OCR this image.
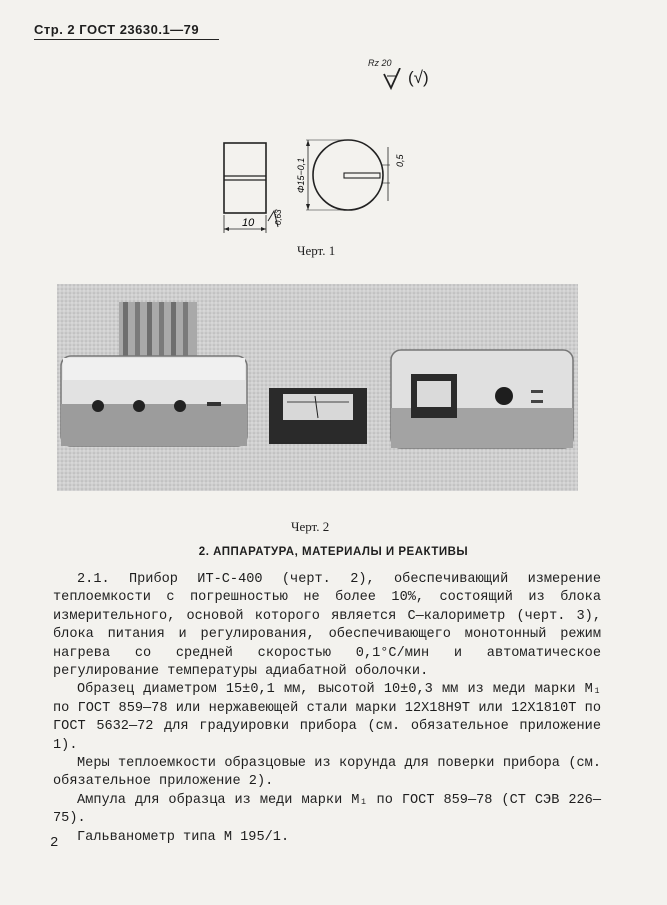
Стр. 2 ГОСТ 23630.1—79
Rz 20
(√)
10 0,63
Φ15−0,1	0,5
Черт. 1
Черт. 2
2. АППАРАТУРА, МАТЕРИАЛЫ И РЕАКТИВЫ

2.1. Прибор ИТ-С-400 (черт. 2), обеспечивающий измерение теплоемкости с погрешностью не более 10%, состоящий из блока измерительного, основой которого является С—калориметр (черт. 3), блока питания и регулирования, обеспечивающего монотонный режим нагрева со средней скоростью 0,1°С/мин и автоматическое регулирование температуры адиабатной оболочки.

Образец диаметром 15±0,1 мм, высотой 10±0,3 мм из меди марки М₁ по ГОСТ 859—78 или нержавеющей стали марки 12Х18Н9Т или 12Х1810Т по ГОСТ 5632—72 для градуировки прибора (см. обязательное приложение 1).

Меры теплоемкости образцовые из корунда для поверки прибора (см. обязательное приложение 2).

Ампула для образца из меди марки М₁ по ГОСТ 859—78 (СТ СЭВ 226—75).

Гальванометр типа М 195/1.

2
